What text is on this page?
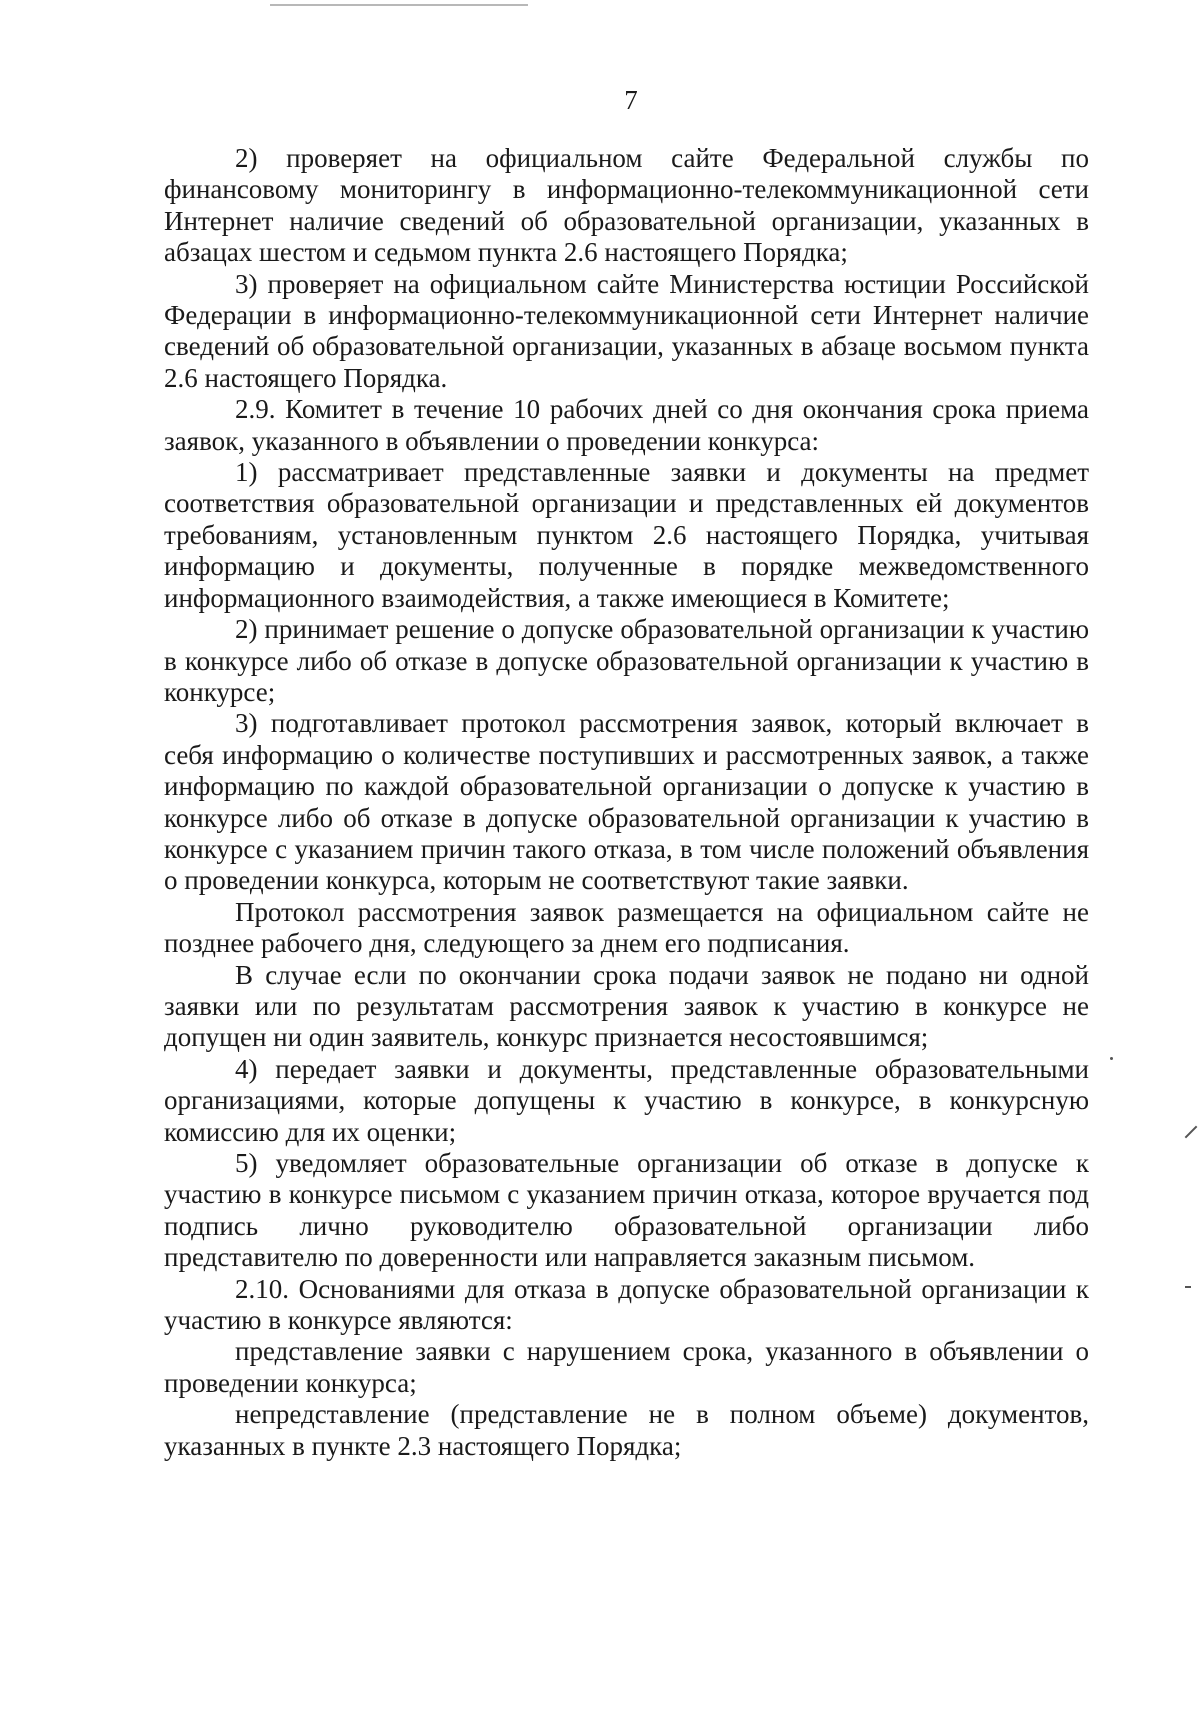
7

2) проверяет на официальном сайте Федеральной службы по финансовому мониторингу в информационно-телекоммуникационной сети Интернет наличие сведений об образовательной организации, указанных в абзацах шестом и седьмом пункта 2.6 настоящего Порядка;

3) проверяет на официальном сайте Министерства юстиции Российской Федерации в информационно-телекоммуникационной сети Интернет наличие сведений об образовательной организации, указанных в абзаце восьмом пункта 2.6 настоящего Порядка.

2.9. Комитет в течение 10 рабочих дней со дня окончания срока приема заявок, указанного в объявлении о проведении конкурса:

1) рассматривает представленные заявки и документы на предмет соответствия образовательной организации и представленных ей документов требованиям, установленным пунктом 2.6 настоящего Порядка, учитывая информацию и документы, полученные в порядке межведомственного информационного взаимодействия, а также имеющиеся в Комитете;

2) принимает решение о допуске образовательной организации к участию в конкурсе либо об отказе в допуске образовательной организации к участию в конкурсе;

3) подготавливает протокол рассмотрения заявок, который включает в себя информацию о количестве поступивших и рассмотренных заявок, а также информацию по каждой образовательной организации о допуске к участию в конкурсе либо об отказе в допуске образовательной организации к участию в конкурсе с указанием причин такого отказа, в том числе положений объявления о проведении конкурса, которым не соответствуют такие заявки.

Протокол рассмотрения заявок размещается на официальном сайте не позднее рабочего дня, следующего за днем его подписания.

В случае если по окончании срока подачи заявок не подано ни одной заявки или по результатам рассмотрения заявок к участию в конкурсе не допущен ни один заявитель, конкурс признается несостоявшимся;

4) передает заявки и документы, представленные образовательными организациями, которые допущены к участию в конкурсе, в конкурсную комиссию для их оценки;

5) уведомляет образовательные организации об отказе в допуске к участию в конкурсе письмом с указанием причин отказа, которое вручается под подпись лично руководителю образовательной организации либо представителю по доверенности или направляется заказным письмом.

2.10. Основаниями для отказа в допуске образовательной организации к участию в конкурсе являются:

представление заявки с нарушением срока, указанного в объявлении о проведении конкурса;

непредставление (представление не в полном объеме) документов, указанных в пункте 2.3 настоящего Порядка;
